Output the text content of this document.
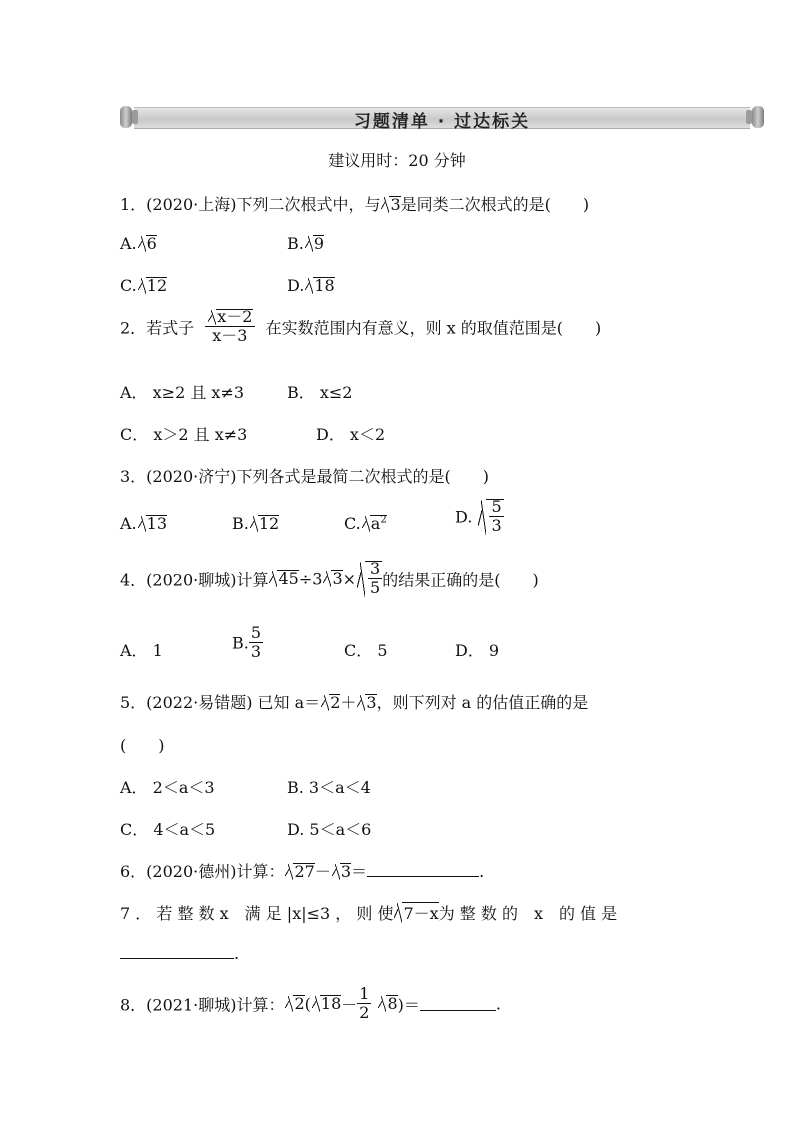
习题清单 · 过达标关
建议用时：20 分钟
1．(2020·上海)下列二次根式中，与 3是同类二次根式的是(　　)
A. 6	B. 9
C. 12	D. 18
2．若式子 $\frac{x-2}{x-3}$ 在实数范围内有意义，则 x 的取值范围是(　　)
A． x≥2 且 x≠3	B． x≤2
C． x＞2 且 x≠3	D． x＜2
3．(2020·济宁)下列各式是最简二次根式的是(　　)
A. 13	B. 12	C. $a^2$	D. $\frac{5}{3}$
4．(2020·聊城)计算 45÷3 $3\times \frac{3}{5}$ 的结果正确的是(　　)
A． 1	B. $\frac{5}{3}$	C． 5	D． 9
5．(2022·易错题) 已知 a＝ 2＋ 3，则下列对 a 的估值正确的是
(　　)
A． 2＜a＜3	B. 3＜a＜4
C． 4＜a＜5	D. 5＜a＜6
6．(2020·德州)计算： 27－ 3＝	.
7 ． 若 整 数 x　满 足 |x|≤3 ， 则 使 7－x为 整 数 的　x　的 值 是
.
8．(2021·聊城)计算： 2( $18- \frac{1}{2} 8)=$	.
